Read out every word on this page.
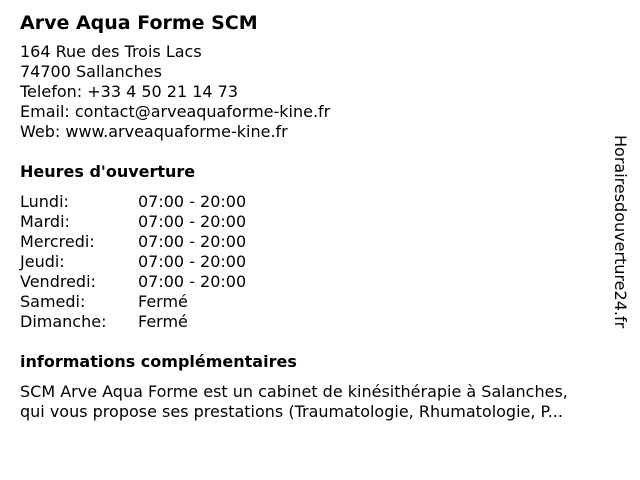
Arve Aqua Forme SCM
164 Rue des Trois Lacs
74700 Sallanches
Telefon: +33 4 50 21 14 73
Email: contact@arveaquaforme-kine.fr
Web: www.arveaquaforme-kine.fr
Heures d'ouverture
Lundi:	07:00 - 20:00
Mardi:	07:00 - 20:00
Mercredi:	07:00 - 20:00
Jeudi:	07:00 - 20:00
Vendredi:	07:00 - 20:00
Samedi:	Fermé
Dimanche:	Fermé
informations complémentaires
SCM Arve Aqua Forme est un cabinet de kinésithérapie à Salanches,
qui vous propose ses prestations (Traumatologie, Rhumatologie, P...
Horairesdouverture24.fr
